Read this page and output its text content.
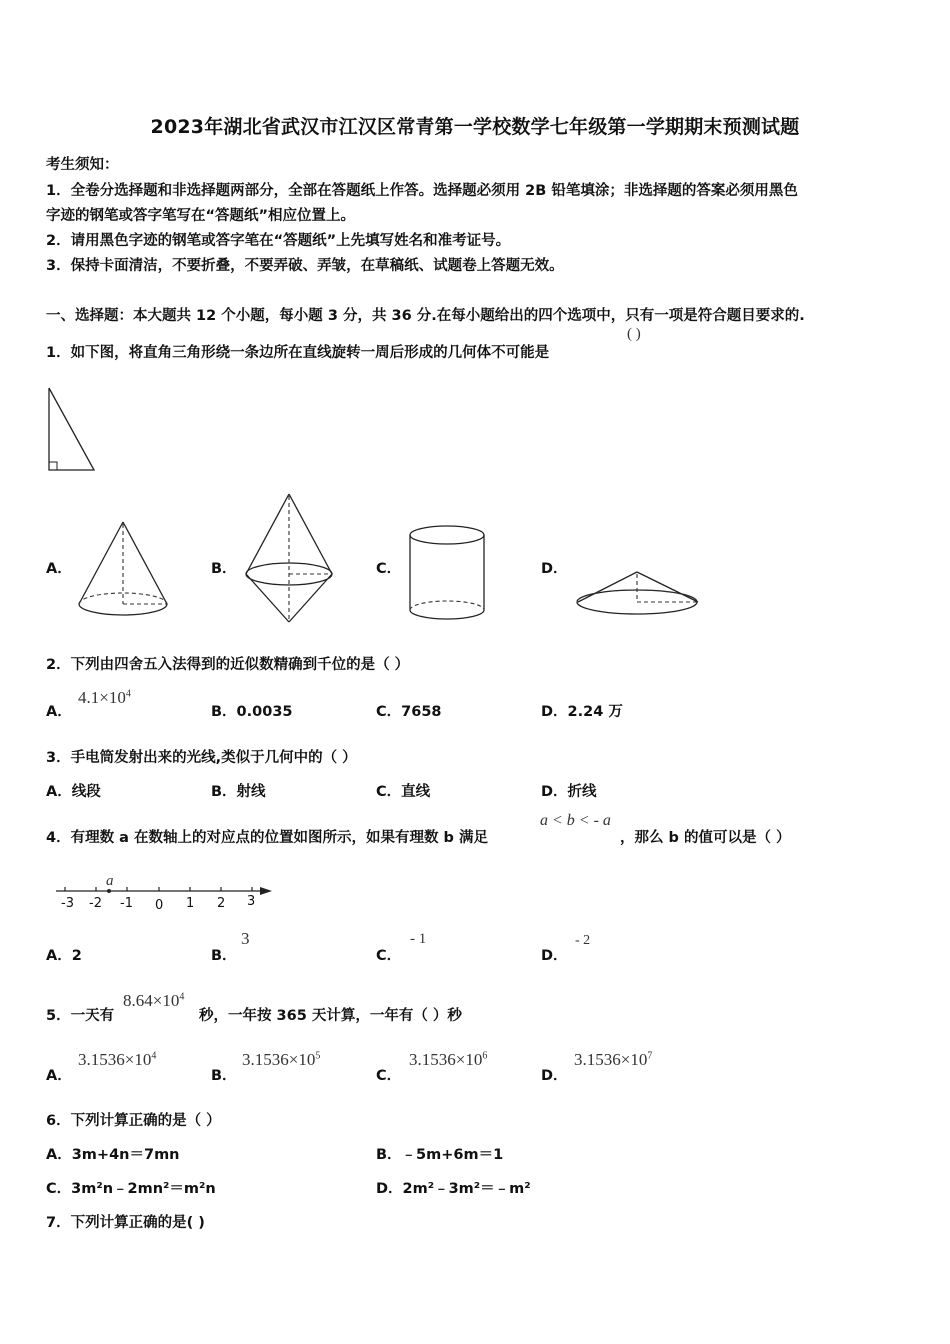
2023年湖北省武汉市江汉区常青第一学校数学七年级第一学期期末预测试题
考生须知：
1．全卷分选择题和非选择题两部分，全部在答题纸上作答。选择题必须用 2B 铅笔填涂；非选择题的答案必须用黑色
字迹的钢笔或答字笔写在“答题纸”相应位置上。
2．请用黑色字迹的钢笔或答字笔在“答题纸”上先填写姓名和准考证号。
3．保持卡面清洁，不要折叠，不要弄破、弄皱，在草稿纸、试题卷上答题无效。
一、选择题：本大题共 12 个小题，每小题 3 分，共 36 分.在每小题给出的四个选项中，只有一项是符合题目要求的.
1．如下图，将直角三角形绕一条边所在直线旋转一周后形成的几何体不可能是
( )
A．	B．	C．	D．
2．下列由四舍五入法得到的近似数精确到千位的是（ ）
A．
$4.1\times 10^4$
B．0.0035	C．7658	D．2.24 万
3．手电筒发射出来的光线,类似于几何中的（ ）
A．线段	B．射线	C．直线	D．折线
4．有理数 a 在数轴上的对应点的位置如图所示，如果有理数 b 满足
a < b < - a
，那么 b 的值可以是（ ）
a
-3 -2 -1 0 1 2 3
A．2	B．
3
C．
- 1
D．
- 2
5．一天有
$8.64\times 10^4$
秒，一年按 365 天计算，一年有（ ）秒
A．
$3.1536\times 10^4$
B．
$3.1536\times 10^5$
C．
$3.1536\times 10^6$
D．
$3.1536\times 10^7$
6．下列计算正确的是（ ）
A．3m+4n＝7mn	B．﹣5m+6m＝1
C．3m²n﹣2mn²＝m²n	D．2m²﹣3m²＝﹣m²
7．下列计算正确的是( )
